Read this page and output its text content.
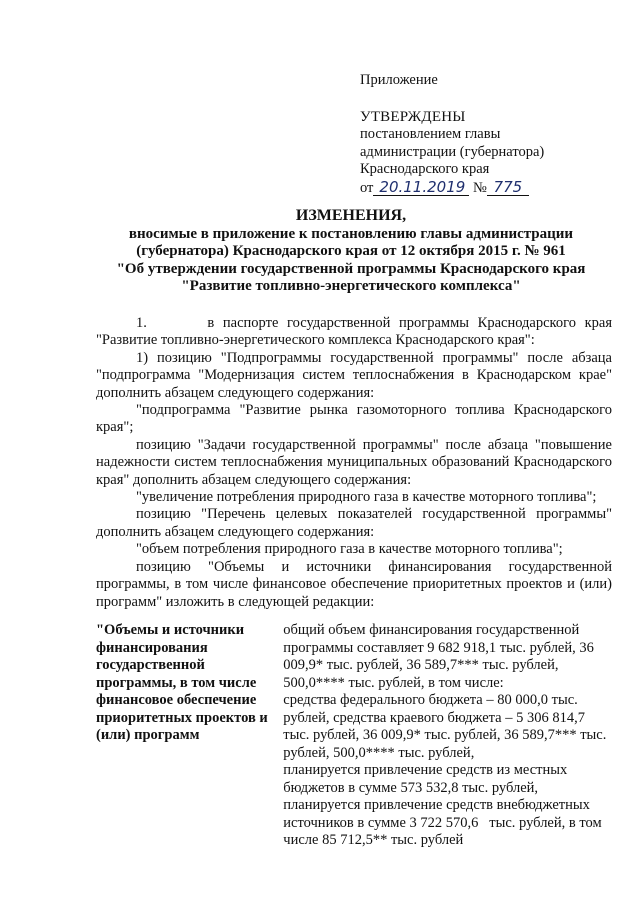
Приложение
УТВЕРЖДЕНЫ
постановлением главы
администрации (губернатора)
Краснодарского края
от 20.11.2019 № 775
ИЗМЕНЕНИЯ,
вносимые в приложение к постановлению главы администрации
(губернатора) Краснодарского края от 12 октября 2015 г. № 961
"Об утверждении государственной программы Краснодарского края
"Развитие топливно-энергетического комплекса"

1.       в паспорте государственной программы Краснодарского края "Развитие топливно-энергетического комплекса Краснодарского края":

1) позицию "Подпрограммы государственной программы" после абзаца "подпрограмма "Модернизация систем теплоснабжения в Краснодарском крае" дополнить абзацем следующего содержания:

"подпрограмма "Развитие рынка газомоторного топлива Краснодарского края";

позицию "Задачи государственной программы" после абзаца "повышение надежности систем теплоснабжения муниципальных образований Краснодарского края" дополнить абзацем следующего содержания:

"увеличение потребления природного газа в качестве моторного топлива";

позицию "Перечень целевых показателей государственной программы" дополнить абзацем следующего содержания:

"объем потребления природного газа в качестве моторного топлива";

позицию "Объемы и источники финансирования государственной программы, в том числе финансовое обеспечение приоритетных проектов и (или) программ" изложить в следующей редакции:

"Объемы и источники финансирования государственной программы, в том числе финансовое обеспечение приоритетных проектов и (или) программ

общий объем финансирования государственной программы составляет 9 682 918,1 тыс. рублей, 36 009,9* тыс. рублей, 36 589,7*** тыс. рублей, 500,0**** тыс. рублей, в том числе:

средства федерального бюджета – 80 000,0 тыс. рублей, средства краевого бюджета – 5 306 814,7 тыс. рублей, 36 009,9* тыс. рублей, 36 589,7*** тыс. рублей, 500,0**** тыс. рублей,

планируется привлечение средств из местных бюджетов в сумме 573 532,8 тыс. рублей,

планируется привлечение средств внебюджетных источников в сумме 3 722 570,6   тыс. рублей, в том числе 85 712,5** тыс. рублей
